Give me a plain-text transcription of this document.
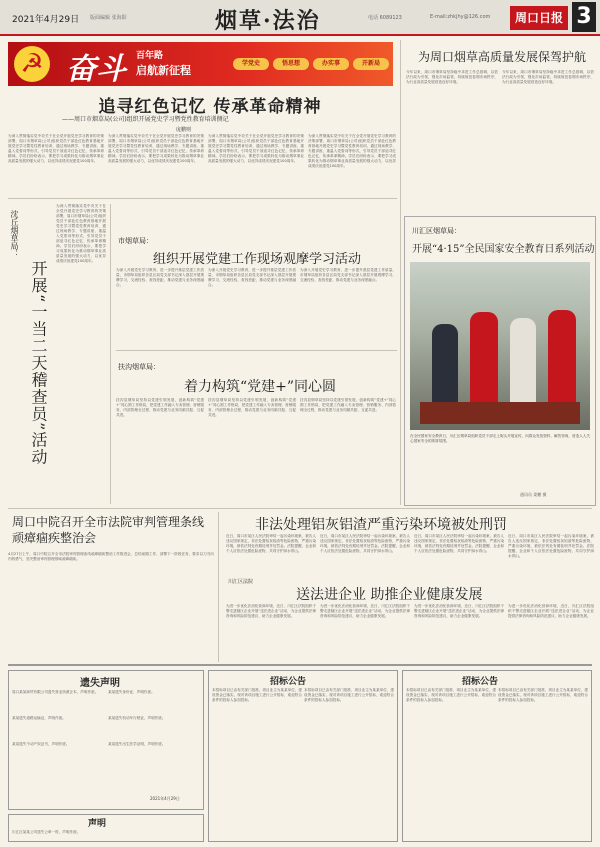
2021年4月29日 版面编辑 张海阳	烟草·法治	电话 6089123	E-mail:zhkjhy@126.com	周口日报 3
☭ 奋斗 百年路
启航新征程
学党史	悟思想	办实事	开新局
追寻红色记忆 传承革命精神
——周口市烟草局(公司)组织开展党史学习暨党性教育培训侧记
庞鹏则
为深入贯彻落实党中央关于在全党开展党史学习教育的决策部署，周口市烟草局(公司)组织党员干部赴红色教育基地开展党史学习暨党性教育培训，通过现场教学、专题讲座、重温入党誓词等形式，引导党员干部追寻红色记忆、传承革命精神。学员们纷纷表示，要把学习成果转化为推动烟草事业高质量发展的强大动力，以优异成绩庆祝建党100周年。
为深入贯彻落实党中央关于在全党开展党史学习教育的决策部署，周口市烟草局(公司)组织党员干部赴红色教育基地开展党史学习暨党性教育培训，通过现场教学、专题讲座、重温入党誓词等形式，引导党员干部追寻红色记忆、传承革命精神。学员们纷纷表示，要把学习成果转化为推动烟草事业高质量发展的强大动力，以优异成绩庆祝建党100周年。
为深入贯彻落实党中央关于在全党开展党史学习教育的决策部署，周口市烟草局(公司)组织党员干部赴红色教育基地开展党史学习暨党性教育培训，通过现场教学、专题讲座、重温入党誓词等形式，引导党员干部追寻红色记忆、传承革命精神。学员们纷纷表示，要把学习成果转化为推动烟草事业高质量发展的强大动力，以优异成绩庆祝建党100周年。
为深入贯彻落实党中央关于在全党开展党史学习教育的决策部署，周口市烟草局(公司)组织党员干部赴红色教育基地开展党史学习暨党性教育培训，通过现场教学、专题讲座、重温入党誓词等形式，引导党员干部追寻红色记忆、传承革命精神。学员们纷纷表示，要把学习成果转化为推动烟草事业高质量发展的强大动力，以优异成绩庆祝建党100周年。
沈丘烟草局：
开展“一当二天稽查员”活动
为深入贯彻落实党中央关于在全党开展党史学习教育的决策部署，周口市烟草局(公司)组织党员干部赴红色教育基地开展党史学习暨党性教育培训，通过现场教学、专题讲座、重温入党誓词等形式，引导党员干部追寻红色记忆、传承革命精神。学员们纷纷表示，要把学习成果转化为推动烟草事业高质量发展的强大动力，以优异成绩庆祝建党100周年。
市烟草局：
组织开展党建工作现场观摩学习活动
为深入开展党史学习教育，进一步提升基层党建工作质量，市烟草局组织各县区局党支部书记深入基层开展观摩学习，交流经验、查找差距，推动党建与业务深度融合。
为深入开展党史学习教育，进一步提升基层党建工作质量，市烟草局组织各县区局党支部书记深入基层开展观摩学习，交流经验、查找差距，推动党建与业务深度融合。
为深入开展党史学习教育，进一步提升基层党建工作质量，市烟草局组织各县区局党支部书记深入基层开展观摩学习，交流经验、查找差距，推动党建与业务深度融合。
扶沟烟草局：
着力构筑“党建+”同心圆
扶沟县烟草局坚持以党建引领发展，创新构筑“党建+”同心圆工作格局，把党建工作融入专卖管理、营销服务、内部管理全过程，推动党建与业务同频共振、互促共进。
扶沟县烟草局坚持以党建引领发展，创新构筑“党建+”同心圆工作格局，把党建工作融入专卖管理、营销服务、内部管理全过程，推动党建与业务同频共振、互促共进。
扶沟县烟草局坚持以党建引领发展，创新构筑“党建+”同心圆工作格局，把党建工作融入专卖管理、营销服务、内部管理全过程，推动党建与业务同频共振、互促共进。
为周口烟草高质量发展保驾护航
今年以来，周口市烟草局坚持稳中求进工作总基调，以依法行政为引领，强化市场监管，持续规范卷烟市场秩序，为行业高质量发展营造良好环境。
今年以来，周口市烟草局坚持稳中求进工作总基调，以依法行政为引领，强化市场监管，持续规范卷烟市场秩序，为行业高质量发展营造良好环境。
川汇区烟草局：
开展“4·15”全民国家安全教育日系列活动
在全民国家安全教育日，川汇区烟草局组织党员干部走上街头开展宣传，向群众发放资料、解答咨询，营造人人关心国家安全的浓厚氛围。
通讯员 姜鹏 摄
周口中院召开全市法院审判管理条线顽瘴痼疾整治会
4月27日上午，周口中院召开全市法院审判管理条线顽瘴痼疾整治工作推进会，总结前期工作，部署下一阶段任务，要求以刀刃向内的勇气，坚决整治审判管理领域顽瘴痼疾。
非法处理铝灰铝渣严重污染环境被处刑罚
近日，周口市某区人民法院审结一起污染环境案，被告人违反国家规定，非法处置铝灰铝渣等危险废物，严重污染环境，被依法判处有期徒刑并处罚金。法院提醒，企业和个人应依法处置危险废物，共同守护绿水青山。
近日，周口市某区人民法院审结一起污染环境案，被告人违反国家规定，非法处置铝灰铝渣等危险废物，严重污染环境，被依法判处有期徒刑并处罚金。法院提醒，企业和个人应依法处置危险废物，共同守护绿水青山。
近日，周口市某区人民法院审结一起污染环境案，被告人违反国家规定，非法处置铝灰铝渣等危险废物，严重污染环境，被依法判处有期徒刑并处罚金。法院提醒，企业和个人应依法处置危险废物，共同守护绿水青山。
近日，周口市某区人民法院审结一起污染环境案，被告人违反国家规定，非法处置铝灰铝渣等危险废物，严重污染环境，被依法判处有期徒刑并处罚金。法院提醒，企业和个人应依法处置危险废物，共同守护绿水青山。
川汇区法院
送法进企业 助推企业健康发展
为进一步优化法治化营商环境，近日，川汇区法院组织干警走进辖区企业开展“送法进企业”活动，为企业提供法律咨询和风险防范建议，助力企业健康发展。
为进一步优化法治化营商环境，近日，川汇区法院组织干警走进辖区企业开展“送法进企业”活动，为企业提供法律咨询和风险防范建议，助力企业健康发展。
为进一步优化法治化营商环境，近日，川汇区法院组织干警走进辖区企业开展“送法进企业”活动，为企业提供法律咨询和风险防范建议，助力企业健康发展。
为进一步优化法治化营商环境，近日，川汇区法院组织干警走进辖区企业开展“送法进企业”活动，为企业提供法律咨询和风险防范建议，助力企业健康发展。
遗失声明
周口某某商贸有限公司遗失营业执照正本，声明作废。	某某遗失身份证，声明作废。
某某遗失道路运输证，声明作废。	某某遗失机动车行驶证，声明作废。
某某遗失不动产权证书，声明作废。	某某遗失出生医学证明，声明作废。
2021年4月29日
声明
川汇区某某公司遗失公章一枚，声明作废。
招标公告
本招标项目已由有关部门批准，项目业主为某某单位，建设资金已落实，现对该项目施工进行公开招标，欢迎符合条件的投标人参加投标。
本招标项目已由有关部门批准，项目业主为某某单位，建设资金已落实，现对该项目施工进行公开招标，欢迎符合条件的投标人参加投标。
招标公告
本招标项目已由有关部门批准，项目业主为某某单位，建设资金已落实，现对该项目施工进行公开招标，欢迎符合条件的投标人参加投标。
本招标项目已由有关部门批准，项目业主为某某单位，建设资金已落实，现对该项目施工进行公开招标，欢迎符合条件的投标人参加投标。
